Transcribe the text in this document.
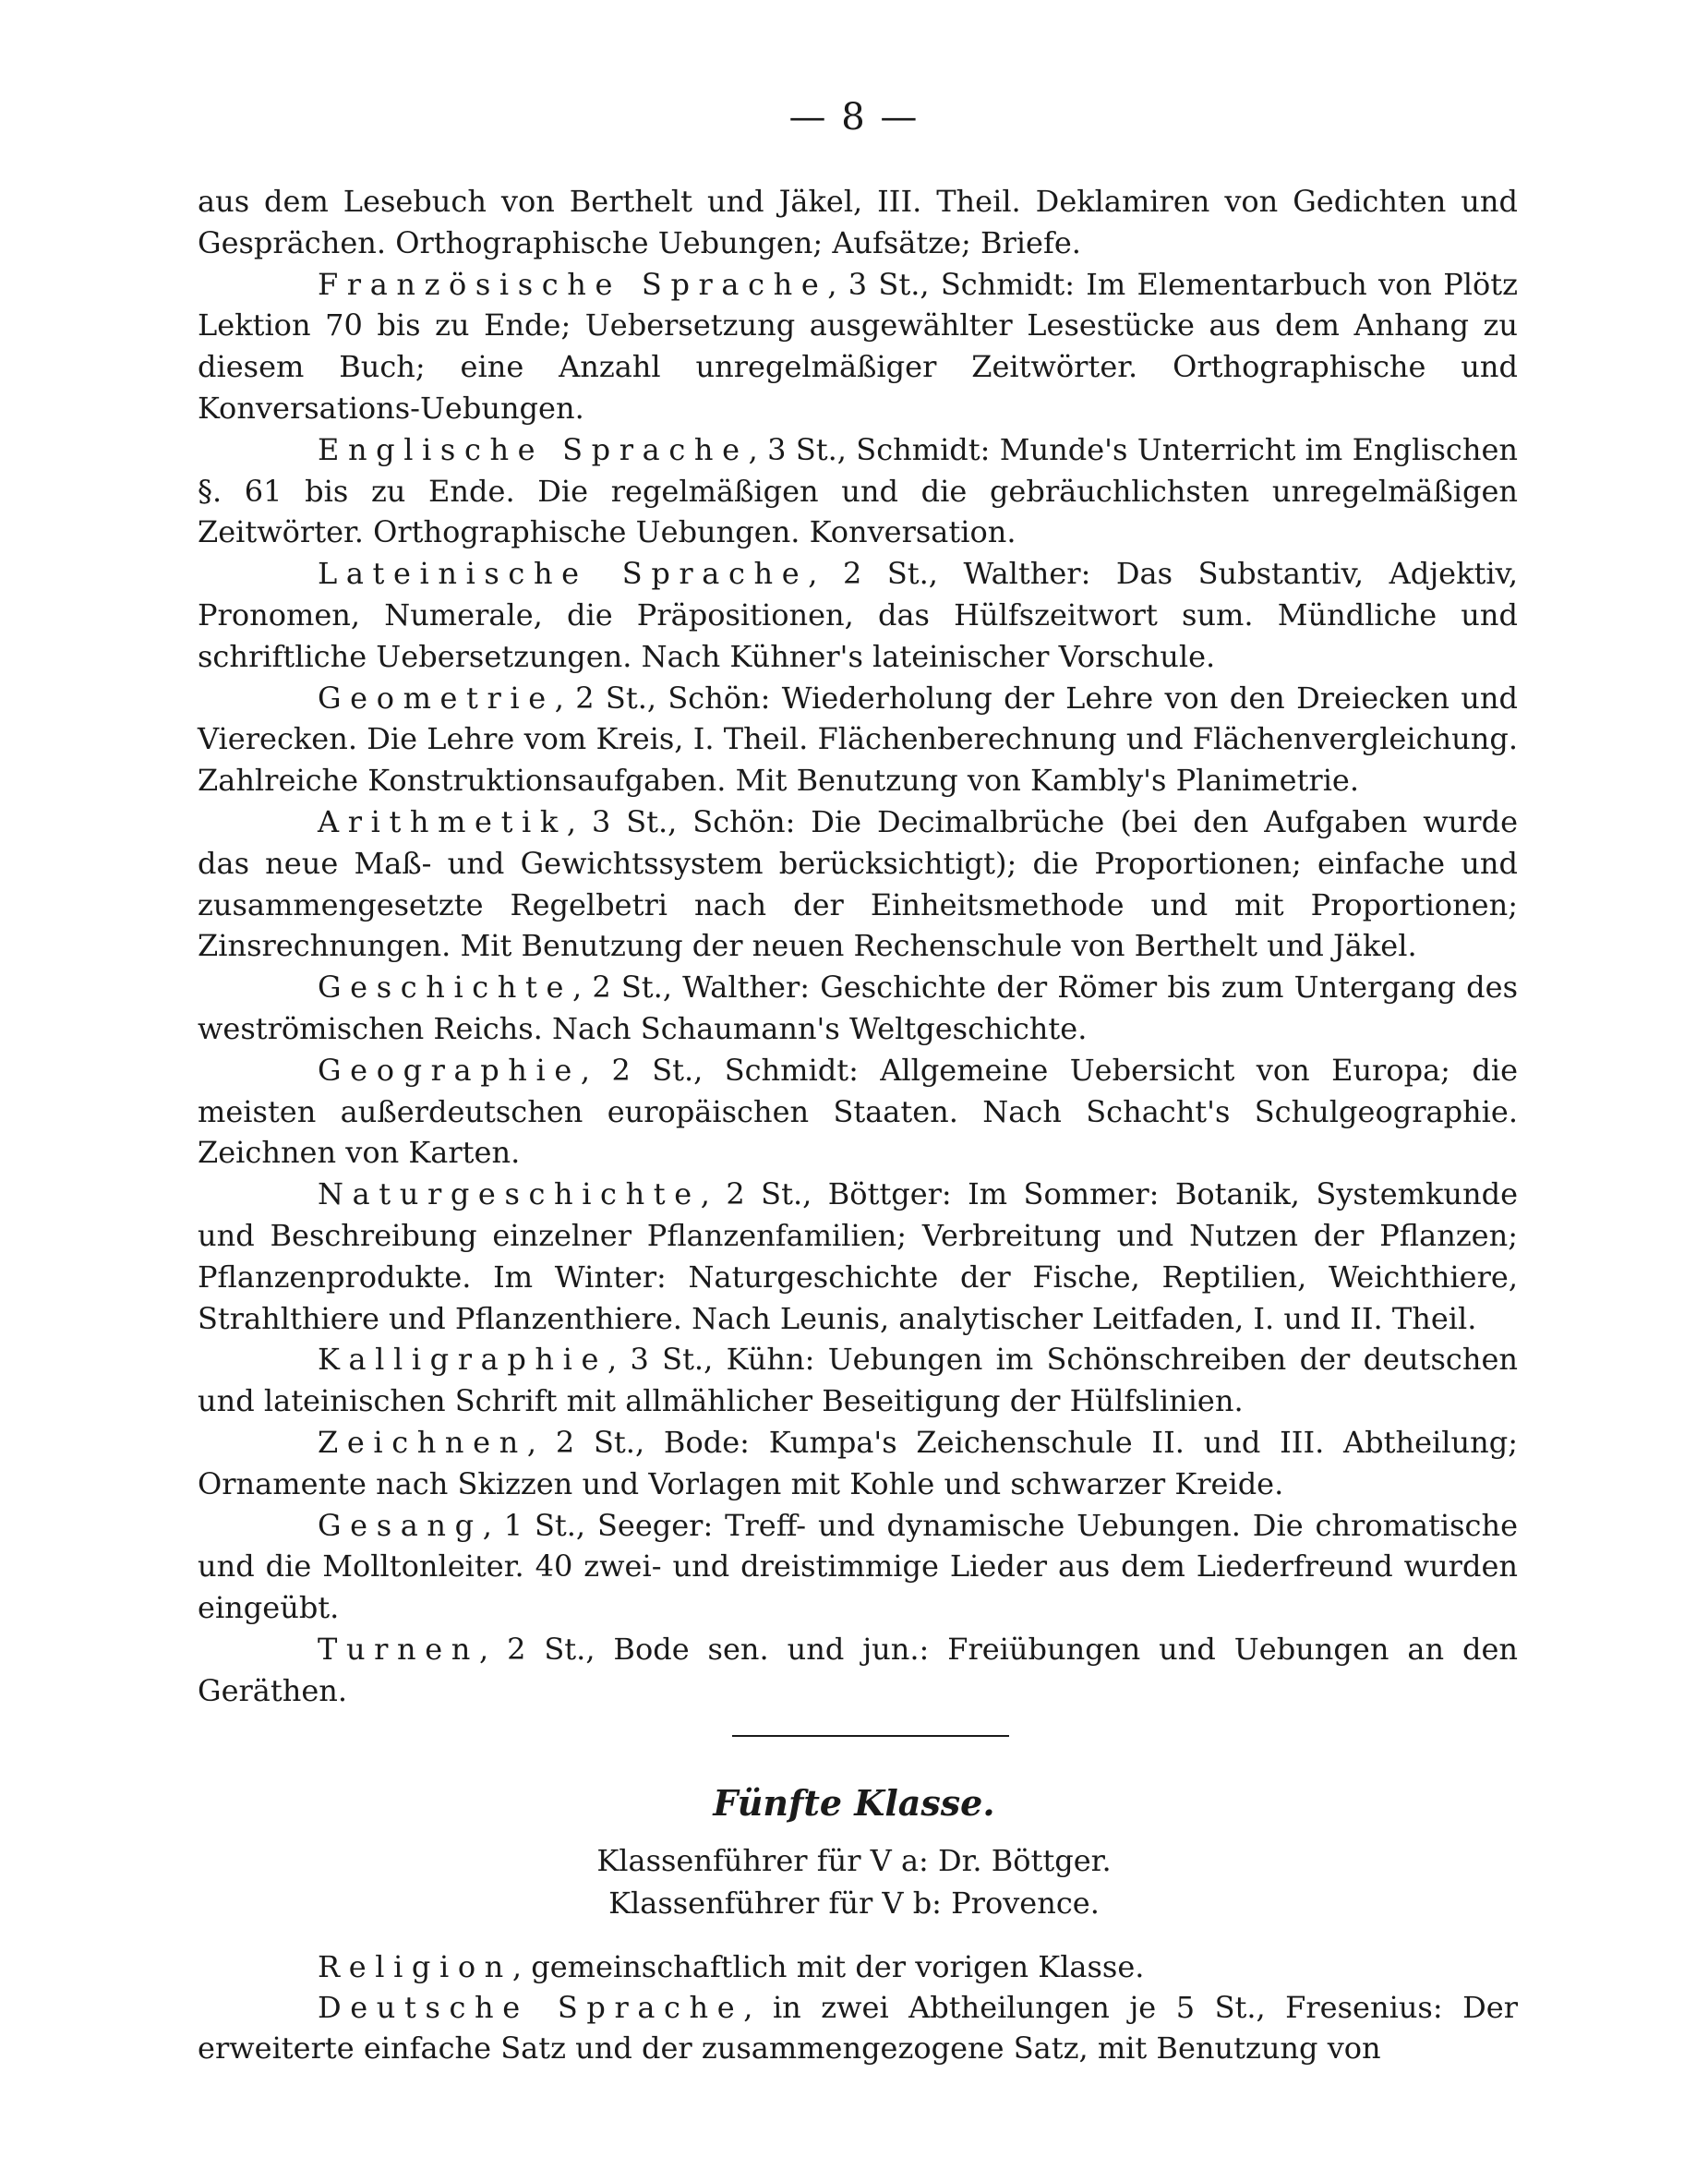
— 8 —

aus dem Lesebuch von Berthelt und Jäkel, III. Theil. Deklamiren von Gedichten und Gesprächen. Orthographische Uebungen; Aufsätze; Briefe.

Französische Sprache, 3 St., Schmidt: Im Elementarbuch von Plötz Lektion 70 bis zu Ende; Uebersetzung ausgewählter Lesestücke aus dem Anhang zu diesem Buch; eine Anzahl unregelmäßiger Zeitwörter. Orthographische und Konversations-Uebungen.

Englische Sprache, 3 St., Schmidt: Munde's Unterricht im Englischen §. 61 bis zu Ende. Die regelmäßigen und die gebräuchlichsten unregelmäßigen Zeitwörter. Orthographische Uebungen. Konversation.

Lateinische Sprache, 2 St., Walther: Das Substantiv, Adjektiv, Pronomen, Numerale, die Präpositionen, das Hülfszeitwort sum. Mündliche und schriftliche Uebersetzungen. Nach Kühner's lateinischer Vorschule.

Geometrie, 2 St., Schön: Wiederholung der Lehre von den Dreiecken und Vierecken. Die Lehre vom Kreis, I. Theil. Flächenberechnung und Flächenvergleichung. Zahlreiche Konstruktionsaufgaben. Mit Benutzung von Kambly's Planimetrie.

Arithmetik, 3 St., Schön: Die Decimalbrüche (bei den Aufgaben wurde das neue Maß- und Gewichtssystem berücksichtigt); die Proportionen; einfache und zusammengesetzte Regelbetri nach der Einheitsmethode und mit Proportionen; Zinsrechnungen. Mit Benutzung der neuen Rechenschule von Berthelt und Jäkel.

Geschichte, 2 St., Walther: Geschichte der Römer bis zum Untergang des weströmischen Reichs. Nach Schaumann's Weltgeschichte.

Geographie, 2 St., Schmidt: Allgemeine Uebersicht von Europa; die meisten außerdeutschen europäischen Staaten. Nach Schacht's Schulgeographie. Zeichnen von Karten.

Naturgeschichte, 2 St., Böttger: Im Sommer: Botanik, Systemkunde und Beschreibung einzelner Pflanzenfamilien; Verbreitung und Nutzen der Pflanzen; Pflanzenprodukte. Im Winter: Naturgeschichte der Fische, Reptilien, Weichthiere, Strahlthiere und Pflanzenthiere. Nach Leunis, analytischer Leitfaden, I. und II. Theil.

Kalligraphie, 3 St., Kühn: Uebungen im Schönschreiben der deutschen und lateinischen Schrift mit allmählicher Beseitigung der Hülfslinien.

Zeichnen, 2 St., Bode: Kumpa's Zeichenschule II. und III. Abtheilung; Ornamente nach Skizzen und Vorlagen mit Kohle und schwarzer Kreide.

Gesang, 1 St., Seeger: Treff- und dynamische Uebungen. Die chromatische und die Molltonleiter. 40 zwei- und dreistimmige Lieder aus dem Liederfreund wurden eingeübt.

Turnen, 2 St., Bode sen. und jun.: Freiübungen und Uebungen an den Geräthen.

Fünfte Klasse.
Klassenführer für V a: Dr. Böttger.
Klassenführer für V b: Provence.

Religion, gemeinschaftlich mit der vorigen Klasse.

Deutsche Sprache, in zwei Abtheilungen je 5 St., Fresenius: Der erweiterte einfache Satz und der zusammengezogene Satz, mit Benutzung von
